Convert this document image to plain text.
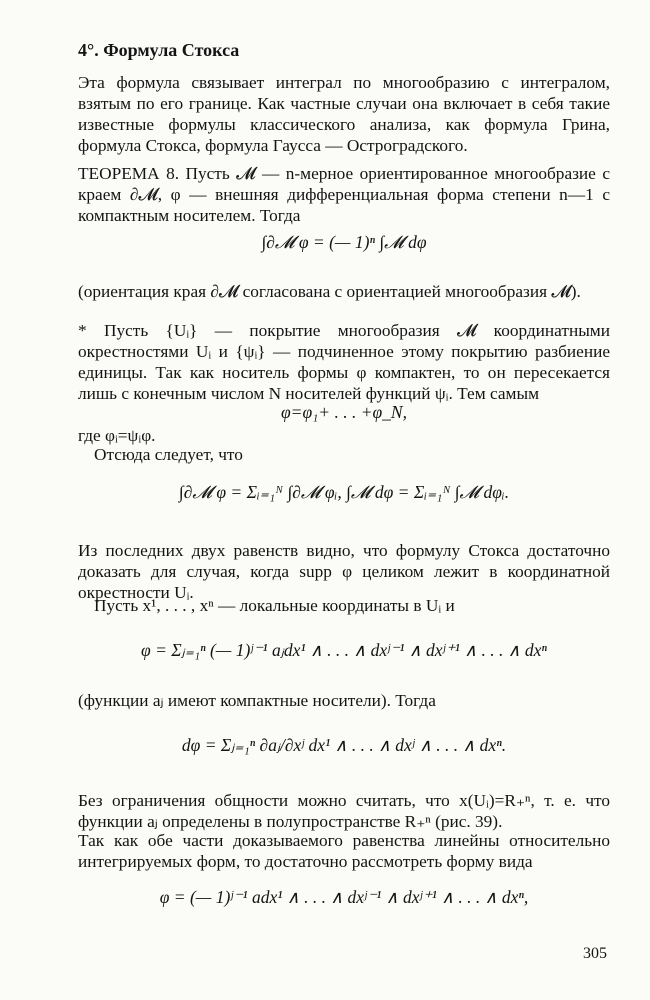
4°. Формула Стокса

Эта формула связывает интеграл по многообразию с интегралом, взятым по его границе. Как частные случаи она включает в себя такие известные формулы классического анализа, как формула Грина, формула Стокса, формула Гаусса — Остроградского.

ТЕОРЕМА 8. Пусть 𝓜 — n-мерное ориентированное многообразие с краем ∂𝓜, φ — внешняя дифференциальная форма степени n—1 с компактным носителем. Тогда

∫∂𝓜 φ = (— 1)ⁿ ∫𝓜 dφ

(ориентация края ∂𝓜 согласована с ориентацией многообразия 𝓜).

* Пусть {Uᵢ} — покрытие многообразия 𝓜 координатными окрестностями Uᵢ и {ψᵢ} — подчиненное этому покрытию разбиение единицы. Так как носитель формы φ компактен, то он пересекается лишь с конечным числом N носителей функций ψᵢ. Тем самым

φ=φ₁+ . . . +φ_N,

где φᵢ=ψᵢφ.

Отсюда следует, что

∫∂𝓜 φ = Σᵢ₌₁ᴺ ∫∂𝓜 φᵢ, ∫𝓜 dφ = Σᵢ₌₁ᴺ ∫𝓜 dφᵢ.

Из последних двух равенств видно, что формулу Стокса достаточно доказать для случая, когда supp φ целиком лежит в координатной окрестности Uᵢ.

Пусть x¹, . . . , xⁿ — локальные координаты в Uᵢ и

φ = Σⱼ₌₁ⁿ (— 1)ʲ⁻¹ aⱼdx¹ ∧ . . . ∧ dxʲ⁻¹ ∧ dxʲ⁺¹ ∧ . . . ∧ dxⁿ

(функции aⱼ имеют компактные носители). Тогда

dφ = Σⱼ₌₁ⁿ ∂aⱼ/∂xʲ dx¹ ∧ . . . ∧ dxʲ ∧ . . . ∧ dxⁿ.

Без ограничения общности можно считать, что x(Uᵢ)=R₊ⁿ, т. е. что функции aⱼ определены в полупространстве R₊ⁿ (рис. 39).

Так как обе части доказываемого равенства линейны относительно интегрируемых форм, то достаточно рассмотреть форму вида

φ = (— 1)ʲ⁻¹ adx¹ ∧ . . . ∧ dxʲ⁻¹ ∧ dxʲ⁺¹ ∧ . . . ∧ dxⁿ,
305
